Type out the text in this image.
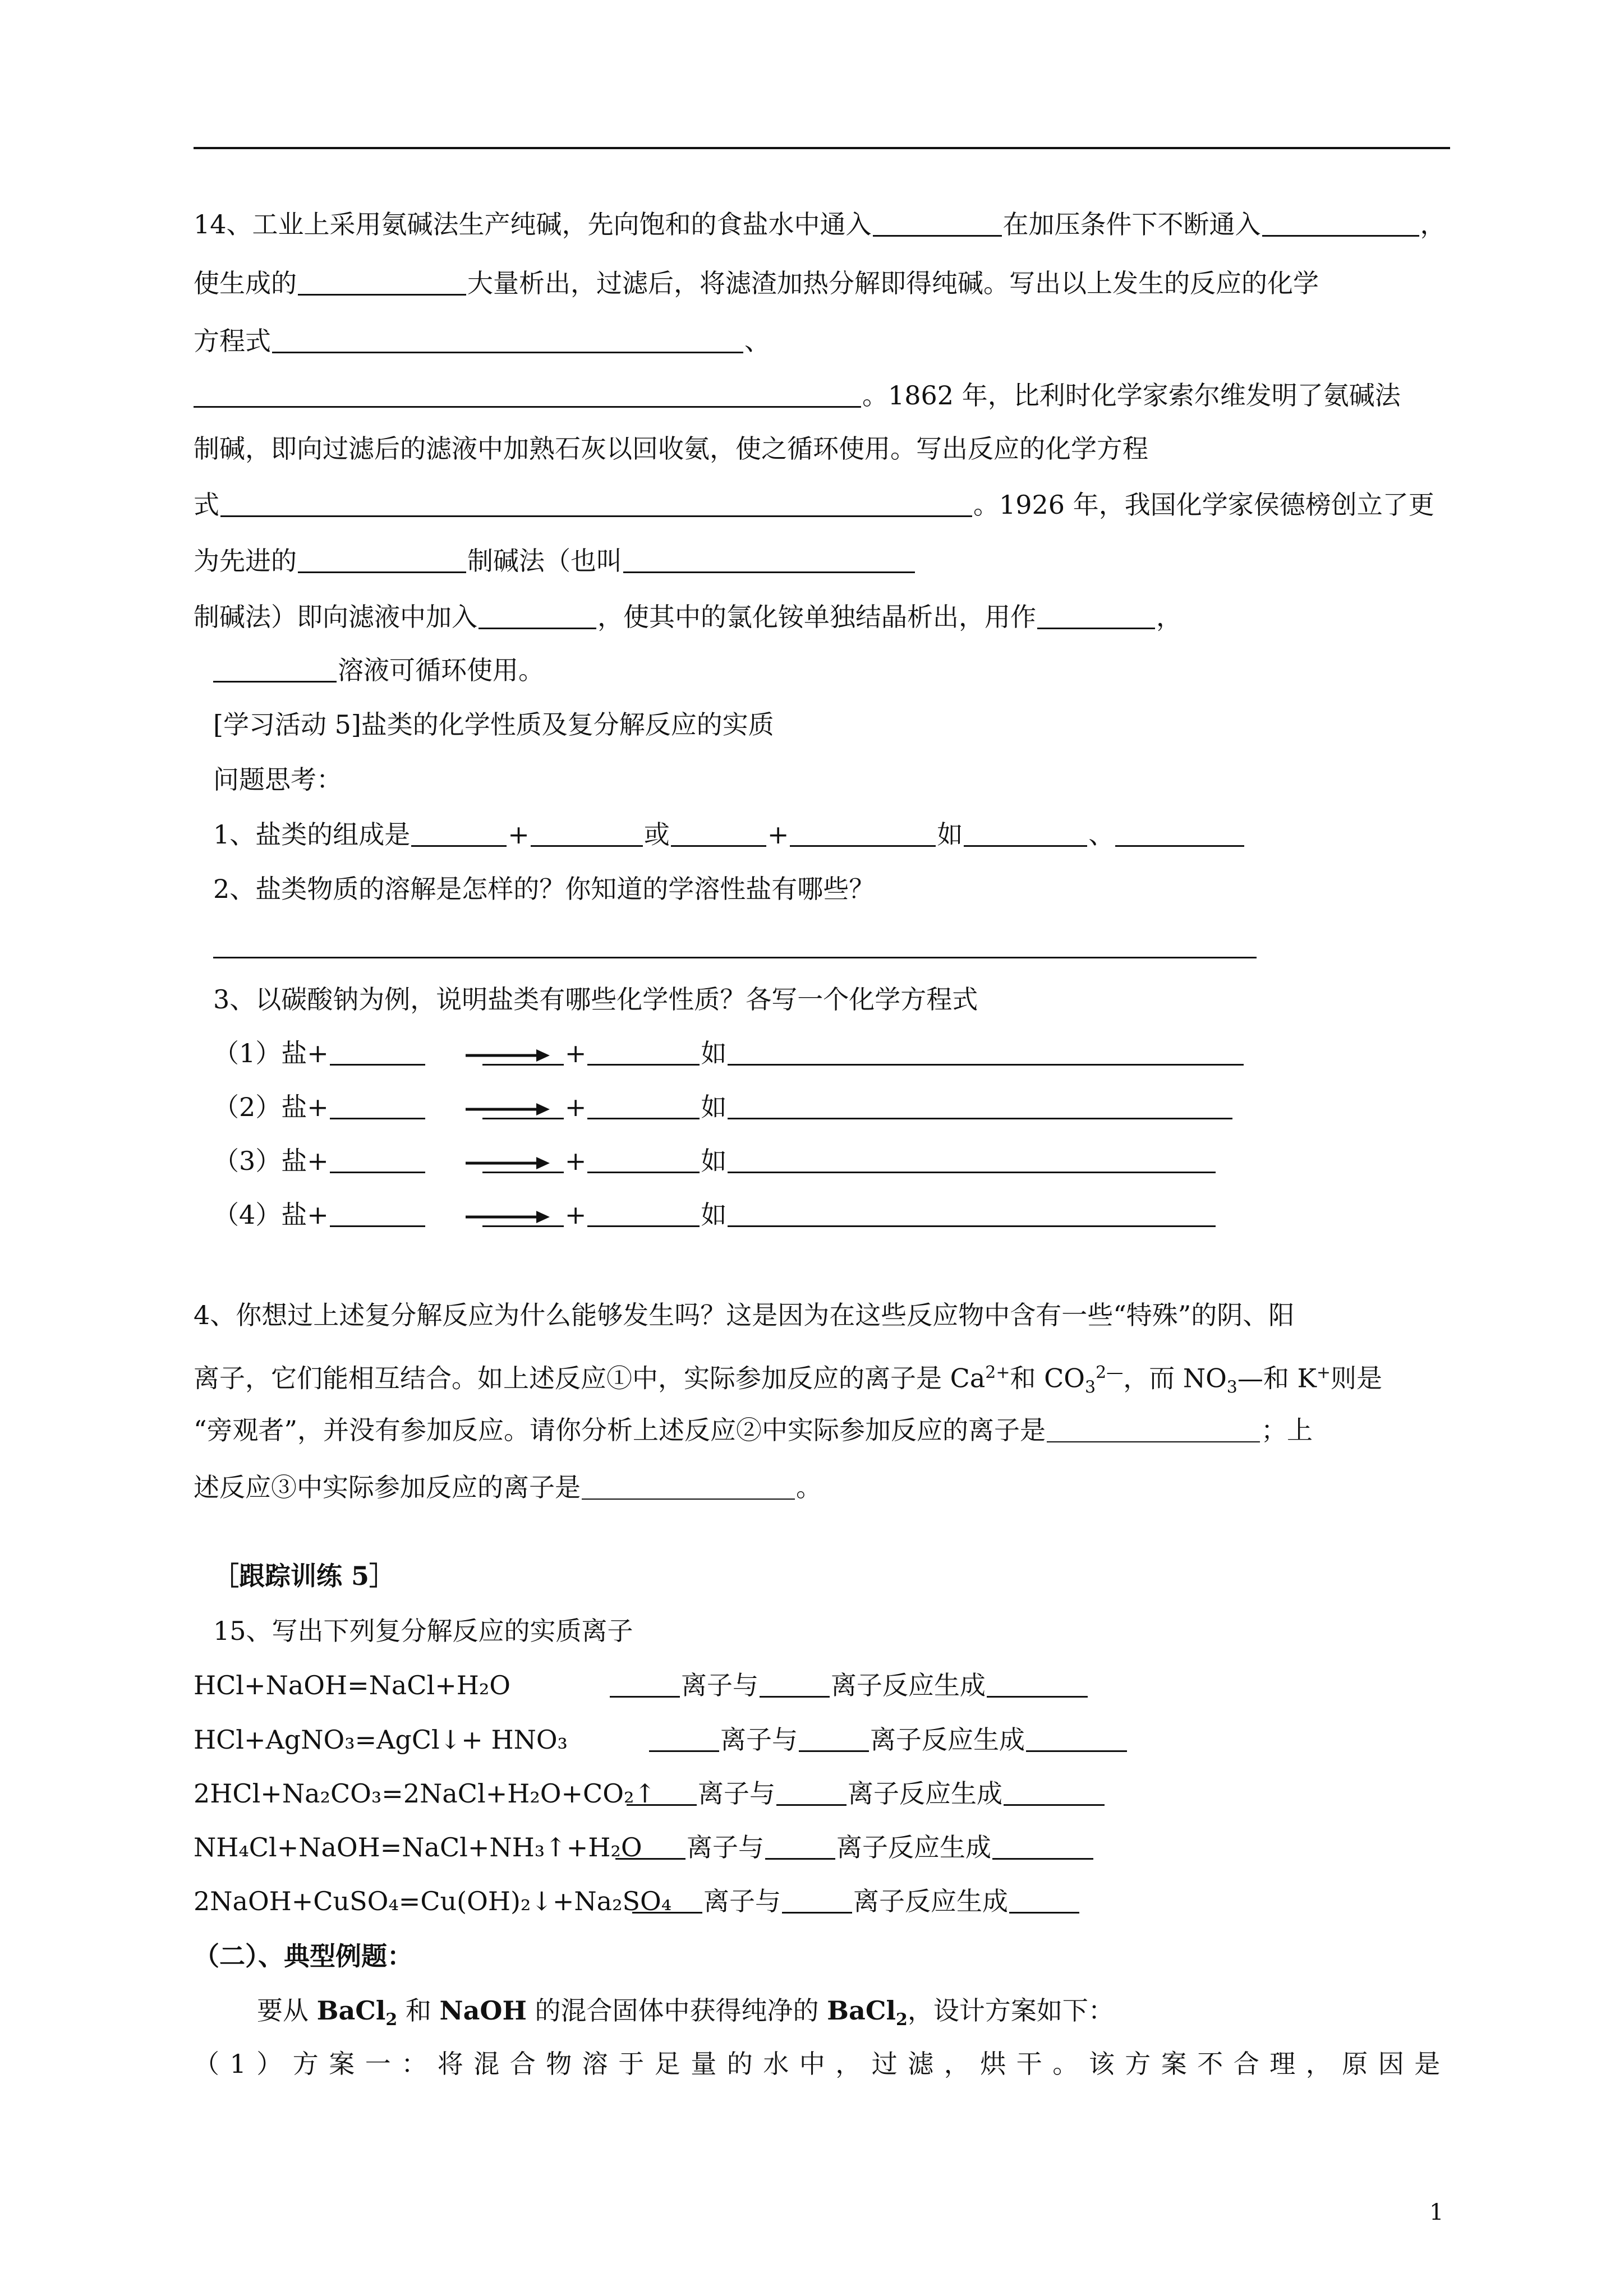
14、工业上采用氨碱法生产纯碱，先向饱和的食盐水中通入	在加压条件下不断通入	，
使生成的	大量析出，过滤后，将滤渣加热分解即得纯碱。写出以上发生的反应的化学
方程式	、
。1862 年，比利时化学家索尔维发明了氨碱法
制碱，即向过滤后的滤液中加熟石灰以回收氨，使之循环使用。写出反应的化学方程
式	。1926 年，我国化学家侯德榜创立了更
为先进的	制碱法（也叫
制碱法）即向滤液中加入	，使其中的氯化铵单独结晶析出，用作	，
溶液可循环使用。
[学习活动 5]盐类的化学性质及复分解反应的实质
问题思考：
1、盐类的组成是	+	或	+	如	、
2、盐类物质的溶解是怎样的？你知道的学溶性盐有哪些？
3、以碳酸钠为例，说明盐类有哪些化学性质？各写一个化学方程式
（1）盐+	→ +	如
（2）盐+	→ +	如
（3）盐+	→ +	如
（4）盐+	→ +	如
4、你想过上述复分解反应为什么能够发生吗？这是因为在这些反应物中含有一些“特殊”的阴、阳
离子，它们能相互结合。如上述反应①中，实际参加反应的离子是 $Ca^{2+}$和 $CO_3^{2—}$，而 $NO_3—$和 K+则是
“旁观者”，并没有参加反应。请你分析上述反应②中实际参加反应的离子是	；上
述反应③中实际参加反应的离子是	。
［跟踪训练 5］
15、写出下列复分解反应的实质离子
HCl+NaOH=NaCl+H₂O	离子与	离子反应生成
HCl+AgNO₃=AgCl↓+ HNO₃	离子与	离子反应生成
2HCl+Na₂CO₃=2NaCl+H₂O+CO₂↑ 离子与	离子反应生成
NH₄Cl+NaOH=NaCl+NH₃↑+H₂O 离子与	离子反应生成
2NaOH+CuSO₄=Cu(OH)₂↓+Na₂SO₄ 离子与	离子反应生成
（二）、典型例题：
要从 BaCl$_2$ 和 NaOH 的混合固体中获得纯净的 BaCl$_2$，设计方案如下：
（1）方案一：将混合物溶于足量的水中，过滤，烘干。该方案不合理，原因是
1
